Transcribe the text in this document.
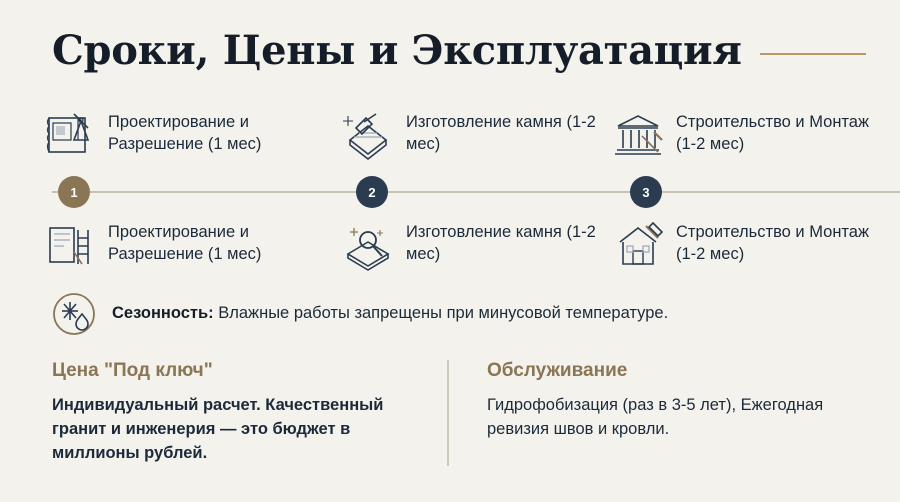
Сроки, Цены и Эксплуатация
1	2	3
Проектирование и Разрешение (1 мес)
Изготовление камня (1-2 мес)
Строительство и Монтаж (1-2 мес)
Проектирование и Разрешение (1 мес)
Изготовление камня (1-2 мес)
Строительство и Монтаж (1-2 мес)
Сезонность: Влажные работы запрещены при минусовой температуре.
Цена "Под ключ"

Индивидуальный расчет. Качественный гранит и инженерия — это бюджет в миллионы рублей.

Обслуживание

Гидрофобизация (раз в 3-5 лет), Ежегодная ревизия швов и кровли.
